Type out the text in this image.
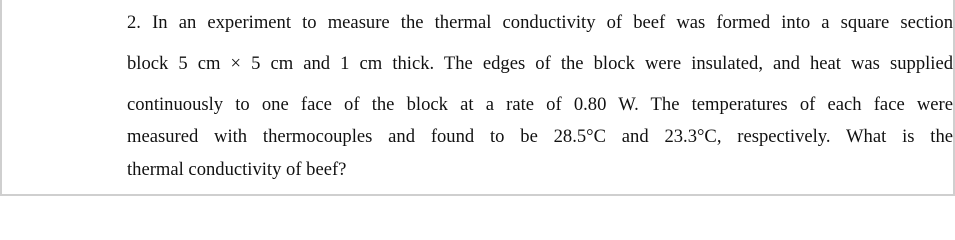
2. In an experiment to measure the thermal conductivity of beef was formed into a square section
block 5 cm × 5 cm and 1 cm thick. The edges of the block were insulated, and heat was supplied
continuously to one face of the block at a rate of 0.80 W. The temperatures of each face were
measured with thermocouples and found to be 28.5°C and 23.3°C, respectively. What is the
thermal conductivity of beef?
